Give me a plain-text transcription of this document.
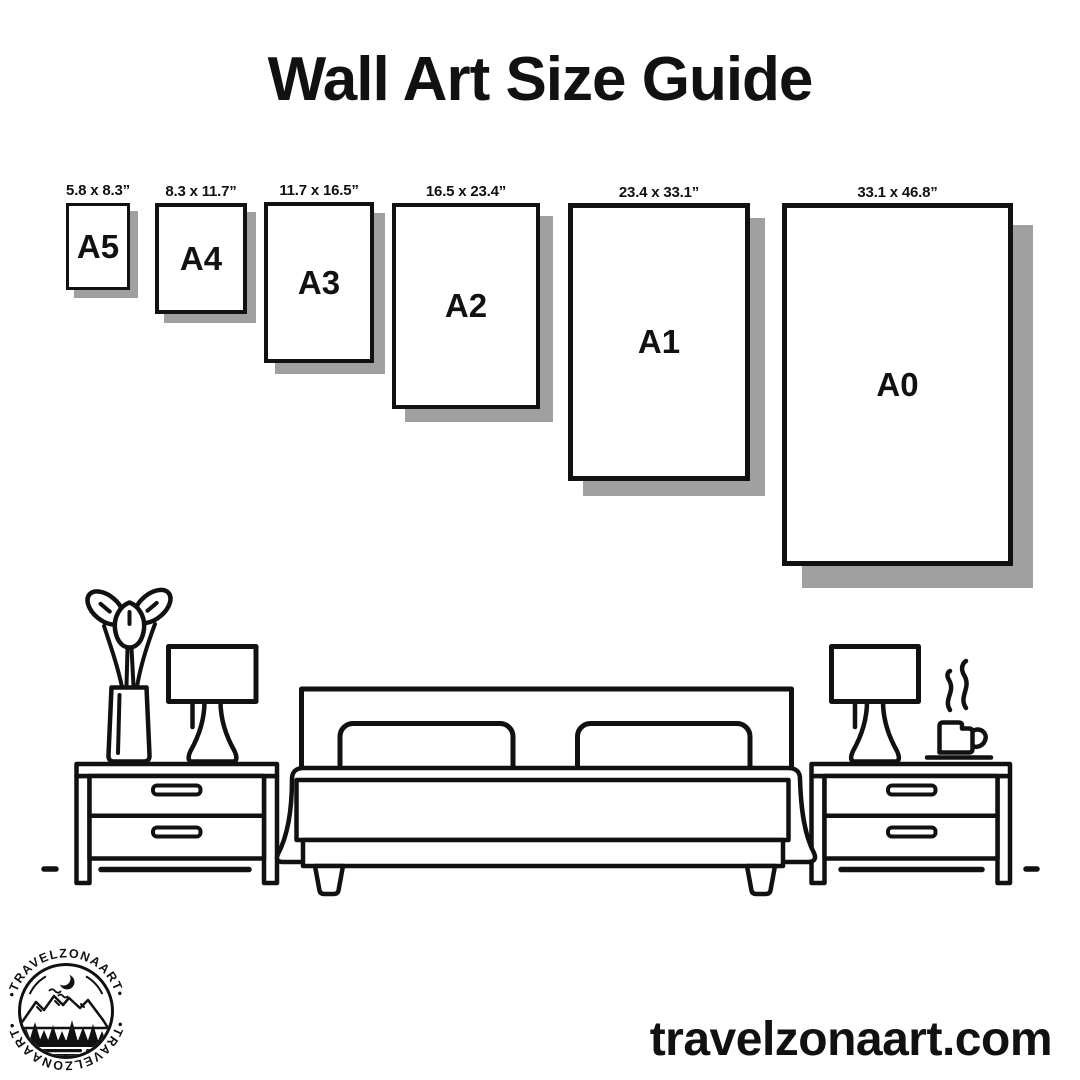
Wall Art Size Guide
5.8 x 8.3”
A5
8.3 x 11.7”
A4
11.7 x 16.5”
A3
16.5 x 23.4”
A2
23.4 x 33.1”
A1
33.1 x 46.8”
A0
•TRAVELZONAART•
travelzonaart.com
